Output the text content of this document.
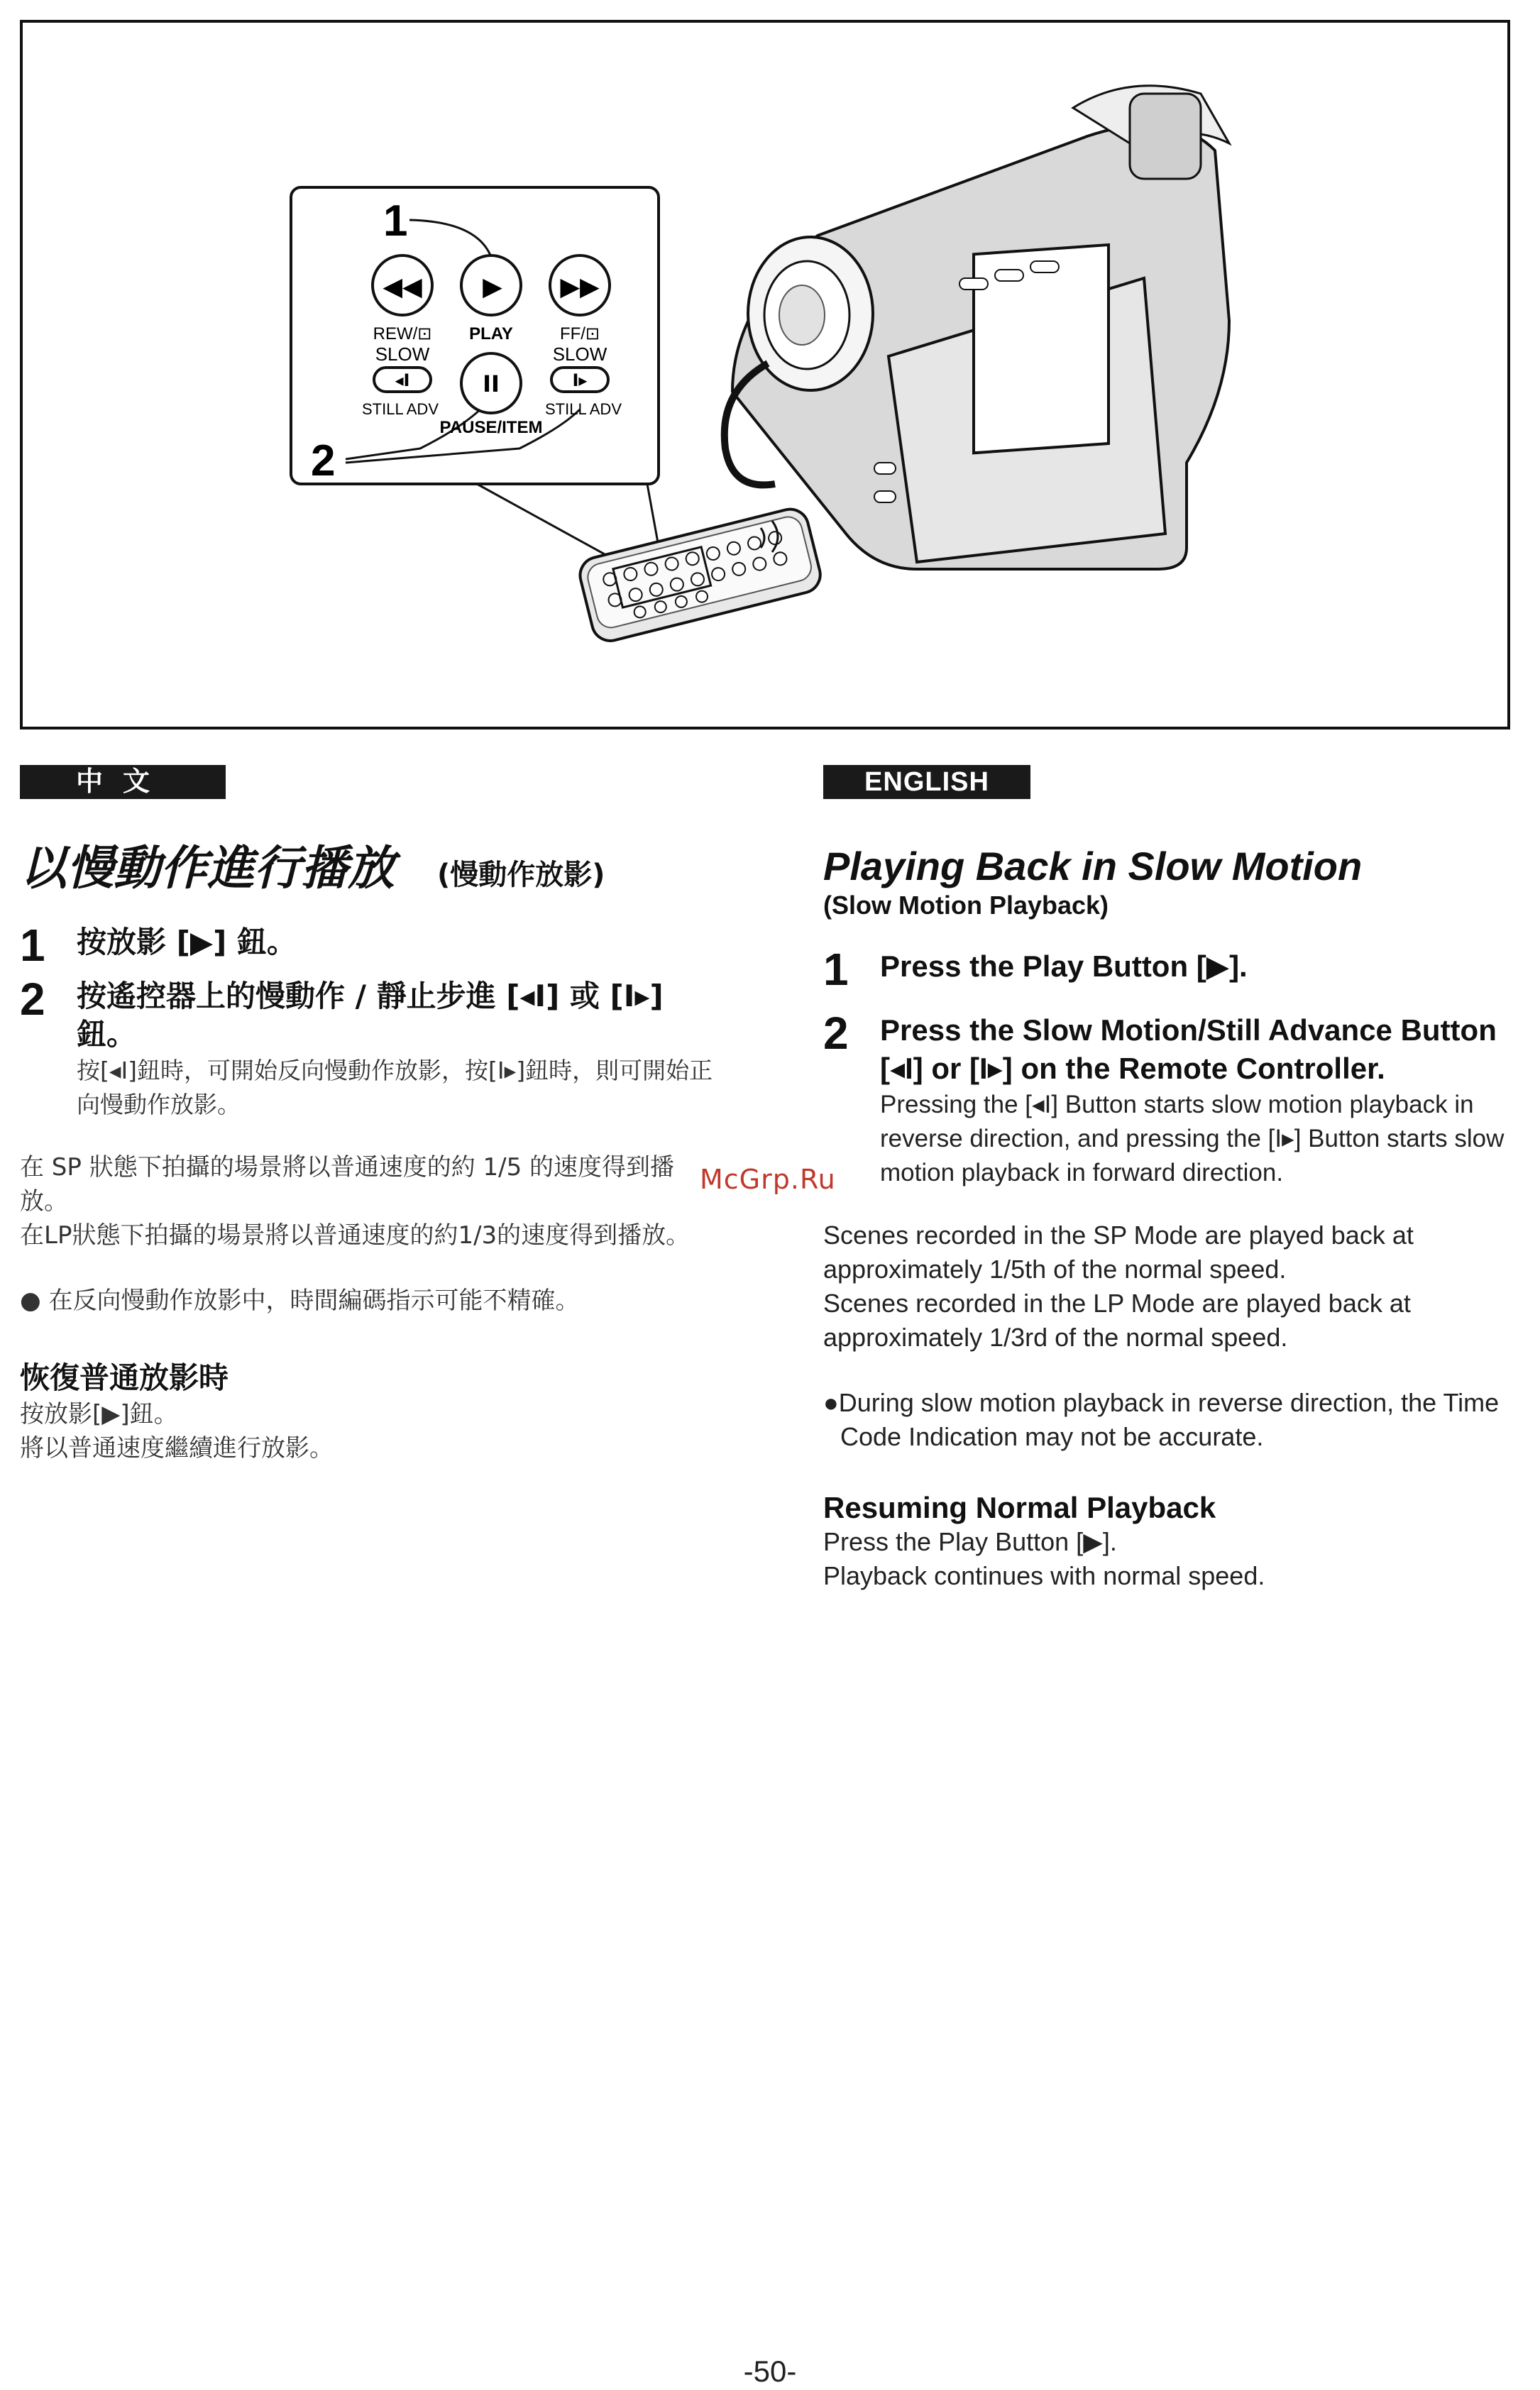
1
2
◀◀ ▶ ▶▶
REW/⊡ PLAY	FF/⊡
SLOW	SLOW
◂I	II	I▸
STILL ADV	STILL ADV
PAUSE/ITEM
中文	ENGLISH
以慢動作進行播放 (慢動作放影)
1 按放影 [▶] 鈕。
2 按遙控器上的慢動作 / 靜止步進 [◂I] 或 [I▸] 鈕。
按[◂I]鈕時，可開始反向慢動作放影，按[I▸]鈕時，則可開始正向慢動作放影。
在 SP 狀態下拍攝的場景將以普通速度的約 1/5 的速度得到播放。
在LP狀態下拍攝的場景將以普通速度的約1/3的速度得到播放。
● 在反向慢動作放影中，時間編碼指示可能不精確。
恢復普通放影時
按放影[▶]鈕。
將以普通速度繼續進行放影。
McGrp.Ru
Playing Back in Slow Motion
(Slow Motion Playback)
1 Press the Play Button [▶].
2 Press the Slow Motion/Still Advance Button [◂I] or [I▸] on the Remote Controller.
Pressing the [◂I] Button starts slow motion playback in reverse direction, and pressing the [I▸] Button starts slow motion playback in forward direction.
Scenes recorded in the SP Mode are played back at approximately 1/5th of the normal speed.
Scenes recorded in the LP Mode are played back at approximately 1/3rd of the normal speed.
●During slow motion playback in reverse direction, the Time Code Indication may not be accurate.
Resuming Normal Playback
Press the Play Button [▶].
Playback continues with normal speed.
-50-
